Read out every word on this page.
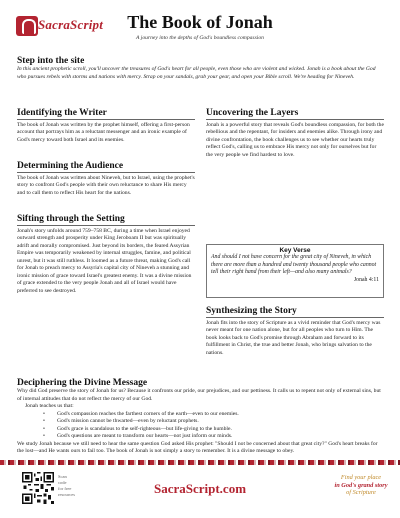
SacraScript	The Book of Jonah
A journey into the depths of God's boundless compassion
Step into the site
In this ancient prophetic scroll, you'll uncover the treasures of God's heart for all people, even those who are violent and wicked. Jonah is a book about the God who pursues rebels with storms and nations with mercy. Strap on your sandals, grab your gear, and open your Bible scroll. We're heading for Nineveh.
Identifying the Writer
The book of Jonah was written by the prophet himself, offering a first-person account that portrays him as a reluctant messenger and an ironic example of God's mercy toward both Israel and its enemies.
Determining the Audience
The book of Jonah was written about Nineveh, but to Israel, using the prophet's story to confront God's people with their own reluctance to share His mercy and to call them to reflect His heart for the nations.
Sifting through the Setting
Jonah's story unfolds around 759–758 BC, during a time when Israel enjoyed outward strength and prosperity under King Jeroboam II but was spiritually adrift and morally compromised. Just beyond its borders, the feared Assyrian Empire was temporarily weakened by internal struggles, famine, and political unrest, but it was still ruthless. It loomed as a future threat, making God's call for Jonah to preach mercy to Assyria's capital city of Nineveh a stunning and ironic mission of grace toward Israel's greatest enemy. It was a divine mission of grace extended to the very people Jonah and all of Israel would have preferred to see destroyed.
Uncovering the Layers
Jonah is a powerful story that reveals God's boundless compassion, for both the rebellious and the repentant, for insiders and enemies alike. Through irony and divine confrontation, the book challenges us to see whether our hearts truly reflect God's, calling us to embrace His mercy not only for ourselves but for the very people we find hardest to love.
Key Verse
And should I not have concern for the great city of Nineveh, in which there are more than a hundred and twenty thousand people who cannot tell their right hand from their left—and also many animals?
Jonah 4:11
Synthesizing the Story
Jonah fits into the story of Scripture as a vivid reminder that God's mercy was never meant for one nation alone, but for all peoples who turn to Him. The book looks back to God's promise through Abraham and forward to its fulfillment in Christ, the true and better Jonah, who brings salvation to the nations.
Deciphering the Divine Message
Why did God preserve the story of Jonah for us? Because it confronts our pride, our prejudices, and our pettiness. It calls us to repent not only of external sins, but of internal attitudes that do not reflect the mercy of our God.
Jonah teaches us that:
• God's compassion reaches the farthest corners of the earth—even to our enemies.
• God's mission cannot be thwarted—even by reluctant prophets.
• God's grace is scandalous to the self-righteous—but life-giving to the humble.
• God's questions are meant to transform our hearts—not just inform our minds.
We study Jonah because we still need to hear the same question God asked His prophet: "Should I not be concerned about that great city?" God's heart breaks for the lost—and He wants ours to fail too. The book of Jonah is not simply a story to remember. It is a divine message to obey.
Scan code for free resources	SacraScript.com
Find your place
in God's grand story
of Scripture
